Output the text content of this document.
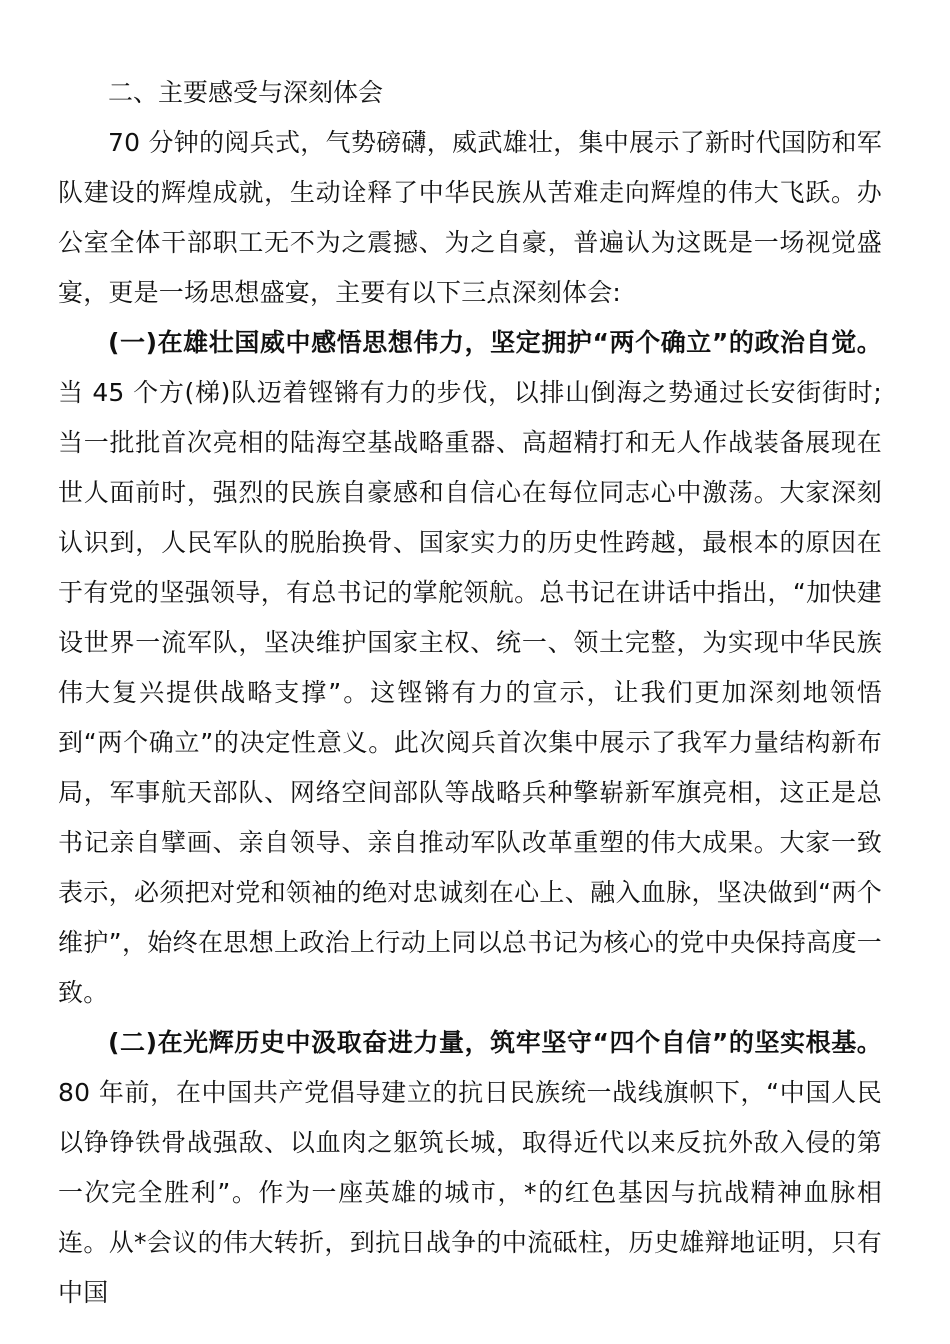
二、主要感受与深刻体会

70 分钟的阅兵式，气势磅礴，威武雄壮，集中展示了新时代国防和军队建设的辉煌成就，生动诠释了中华民族从苦难走向辉煌的伟大飞跃。办公室全体干部职工无不为之震撼、为之自豪，普遍认为这既是一场视觉盛宴，更是一场思想盛宴，主要有以下三点深刻体会:

(一)在雄壮国威中感悟思想伟力，坚定拥护“两个确立”的政治自觉。当 45 个方(梯)队迈着铿锵有力的步伐，以排山倒海之势通过长安街街时;当一批批首次亮相的陆海空基战略重器、高超精打和无人作战装备展现在世人面前时，强烈的民族自豪感和自信心在每位同志心中激荡。大家深刻认识到，人民军队的脱胎换骨、国家实力的历史性跨越，最根本的原因在于有党的坚强领导，有总书记的掌舵领航。总书记在讲话中指出，“加快建设世界一流军队，坚决维护国家主权、统一、领土完整，为实现中华民族伟大复兴提供战略支撑”。这铿锵有力的宣示，让我们更加深刻地领悟到“两个确立”的决定性意义。此次阅兵首次集中展示了我军力量结构新布局，军事航天部队、网络空间部队等战略兵种擎崭新军旗亮相，这正是总书记亲自擘画、亲自领导、亲自推动军队改革重塑的伟大成果。大家一致表示，必须把对党和领袖的绝对忠诚刻在心上、融入血脉，坚决做到“两个维护”，始终在思想上政治上行动上同以总书记为核心的党中央保持高度一致。

(二)在光辉历史中汲取奋进力量，筑牢坚守“四个自信”的坚实根基。80 年前，在中国共产党倡导建立的抗日民族统一战线旗帜下，“中国人民以铮铮铁骨战强敌、以血肉之躯筑长城，取得近代以来反抗外敌入侵的第一次完全胜利”。作为一座英雄的城市，*的红色基因与抗战精神血脉相连。从*会议的伟大转折，到抗日战争的中流砥柱，历史雄辩地证明，只有中国
